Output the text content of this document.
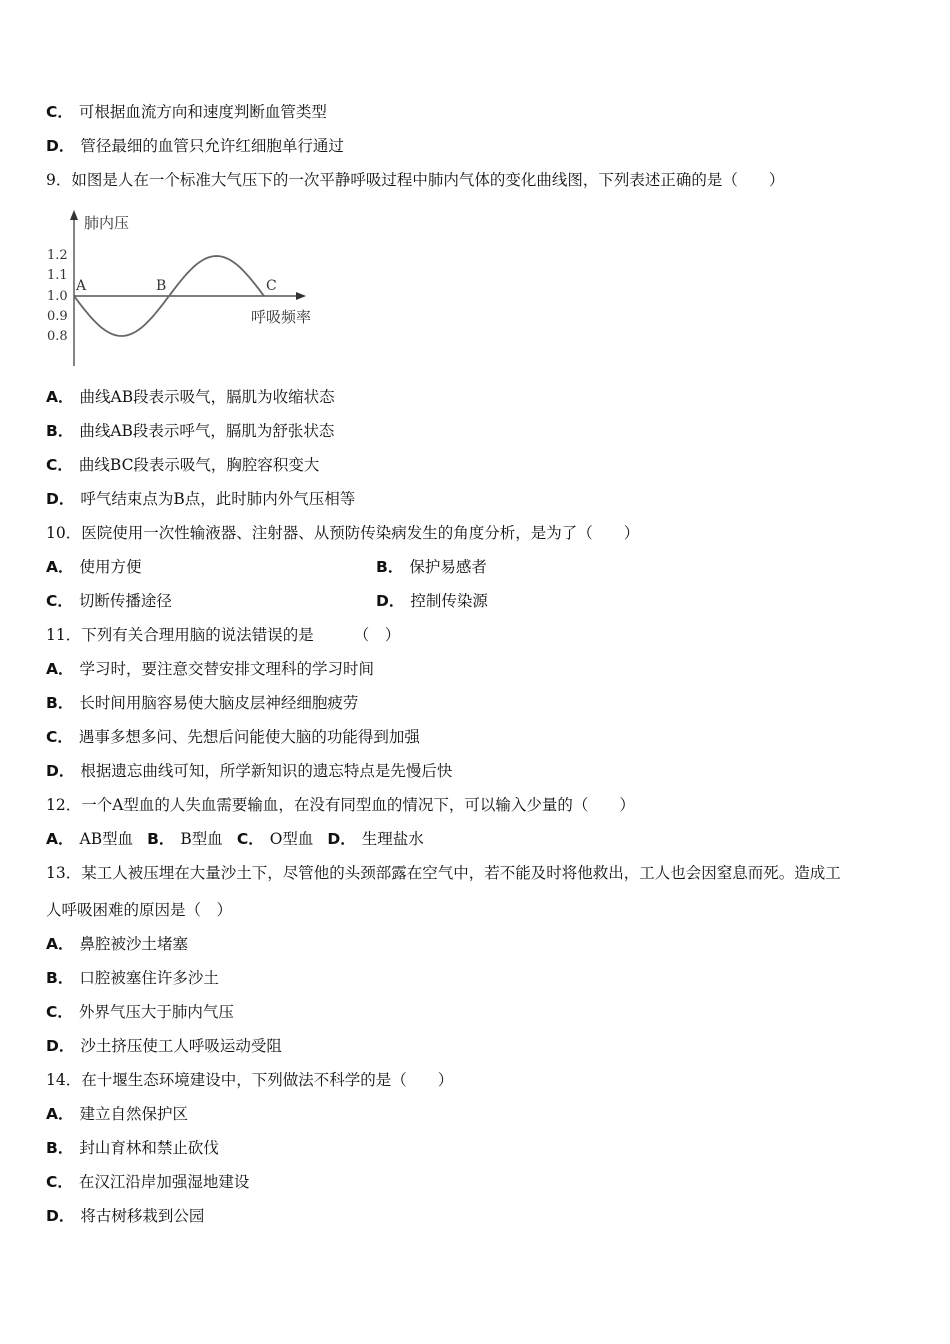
C． 可根据血流方向和速度判断血管类型
D． 管径最细的血管只允许红细胞单行通过
9．如图是人在一个标准大气压下的一次平静呼吸过程中肺内气体的变化曲线图，下列表述正确的是（　　）
肺内压
呼吸频率
1.2
1.1
1.0
0.9
0.8
A	B	C
A． 曲线AB段表示吸气，膈肌为收缩状态
B． 曲线AB段表示呼气，膈肌为舒张状态
C． 曲线BC段表示吸气，胸腔容积变大
D． 呼气结束点为B点，此时肺内外气压相等
10．医院使用一次性输液器、注射器、从预防传染病发生的角度分析，是为了（　　）
A． 使用方便	B． 保护易感者
C． 切断传播途径	D． 控制传染源
11．下列有关合理用脑的说法错误的是	（　）
A． 学习时，要注意交替安排文理科的学习时间
B． 长时间用脑容易使大脑皮层神经细胞疲劳
C． 遇事多想多问、先想后问能使大脑的功能得到加强
D． 根据遗忘曲线可知，所学新知识的遗忘特点是先慢后快
12．一个A型血的人失血需要输血，在没有同型血的情况下，可以输入少量的（　　）
A． AB型血 B． B型血 C． O型血 D． 生理盐水
13．某工人被压埋在大量沙土下，尽管他的头颈部露在空气中，若不能及时将他救出，工人也会因窒息而死。造成工
人呼吸困难的原因是（　）
A． 鼻腔被沙土堵塞
B． 口腔被塞住许多沙土
C． 外界气压大于肺内气压
D． 沙土挤压使工人呼吸运动受阻
14．在十堰生态环境建设中，下列做法不科学的是（　　）
A． 建立自然保护区
B． 封山育林和禁止砍伐
C． 在汉江沿岸加强湿地建设
D． 将古树移栽到公园
